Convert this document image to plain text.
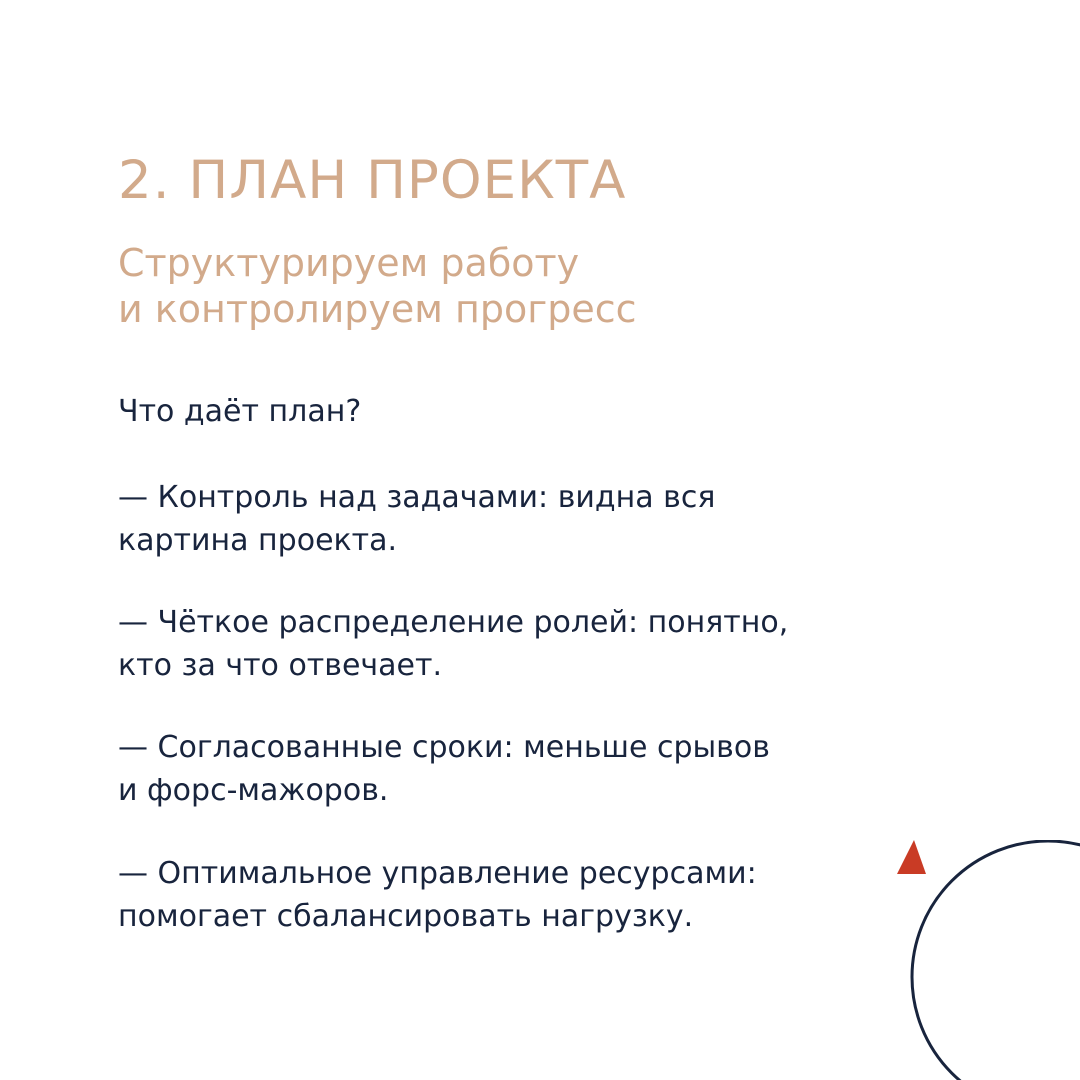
2. ПЛАН ПРОЕКТА
Структурируем работу
и контролируем прогресс
Что даёт план?
— Контроль над задачами: видна вся
картина проекта.
— Чёткое распределение ролей: понятно,
кто за что отвечает.
— Согласованные сроки: меньше срывов
и форс-мажоров.
— Оптимальное управление ресурсами:
помогает сбалансировать нагрузку.
